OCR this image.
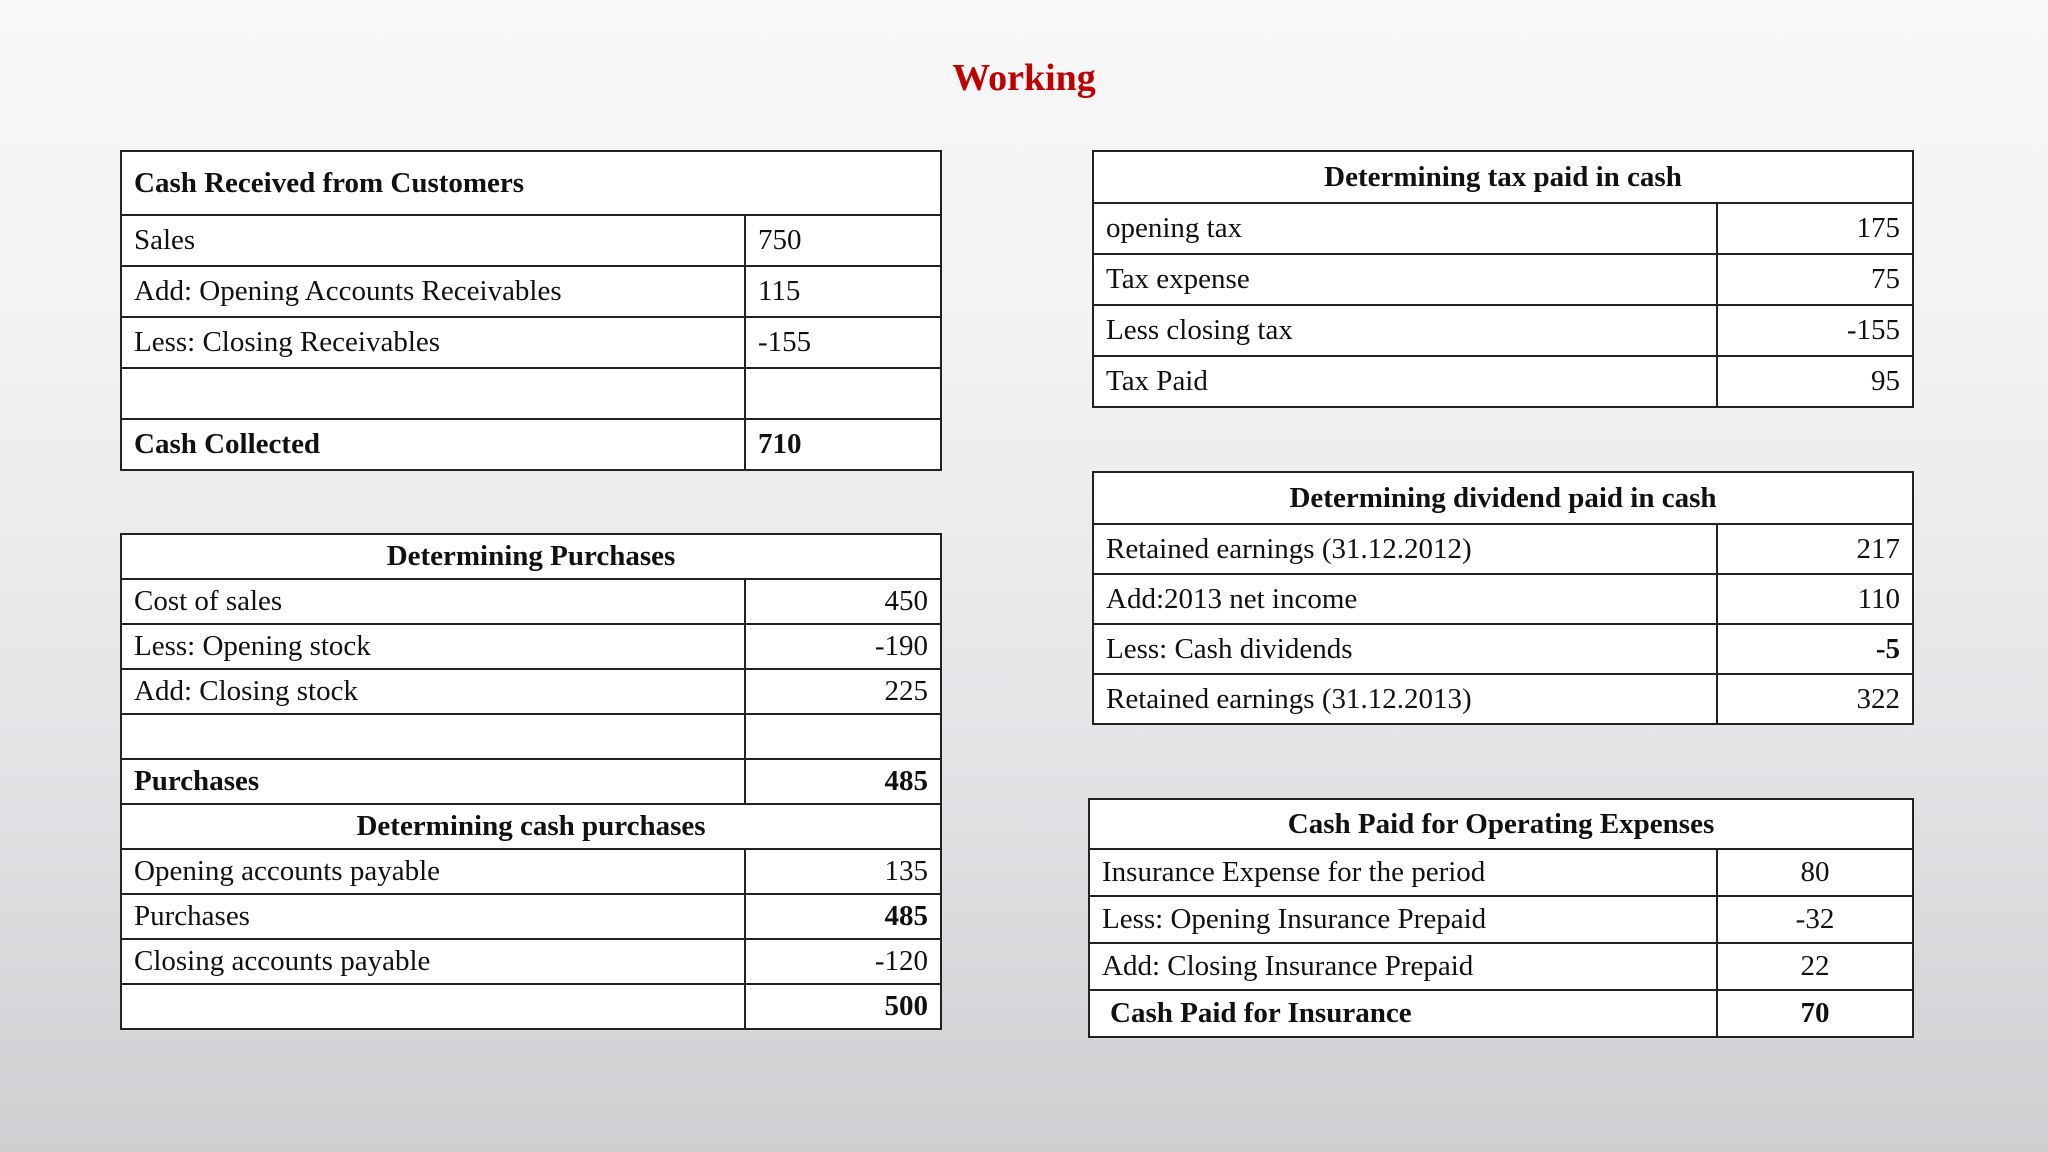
Working
Cash Received from Customers	
Sales	750
Add: Opening Accounts Receivables	115
Less: Closing Receivables	-155

Cash Collected	710
Determining Purchases	
Cost of sales	450
Less: Opening stock	-190
Add: Closing stock	225

Purchases	485
Determining cash purchases	
Opening accounts payable	135
Purchases	485
Closing accounts payable	-120
	500
Determining tax paid in cash	
opening tax	175
Tax expense	75
Less closing tax	-155
Tax Paid	95
Determining dividend paid in cash	
Retained earnings (31.12.2012)	217
Add:2013 net income	110
Less: Cash dividends	-5
Retained earnings (31.12.2013)	322
Cash Paid for Operating Expenses	
Insurance Expense for the period	80
Less: Opening Insurance Prepaid	-32
Add: Closing Insurance Prepaid	22
Cash Paid for Insurance	70
